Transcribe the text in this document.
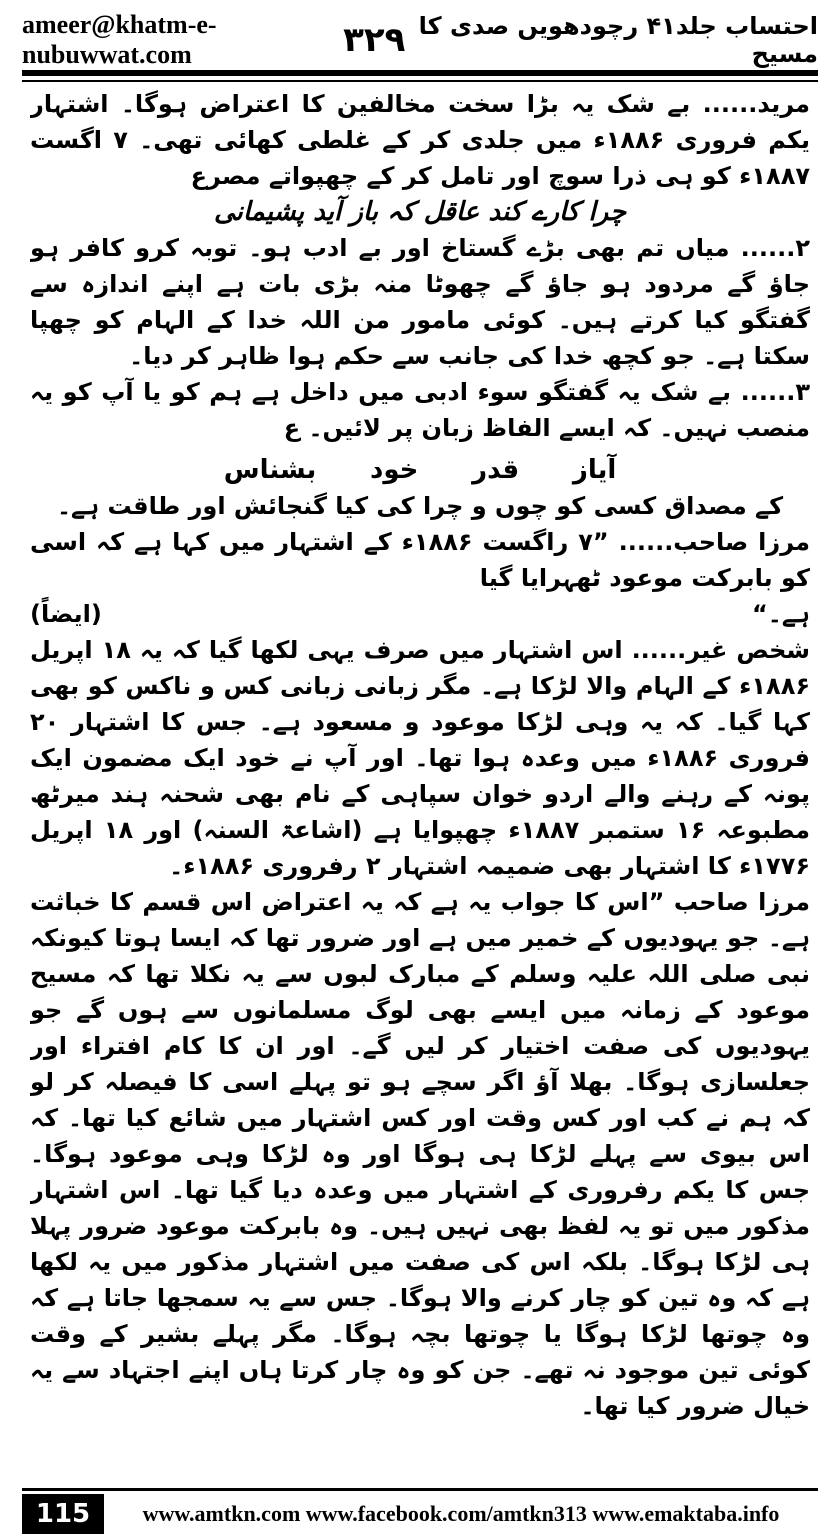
ameer@khatm-e-nubuwwat.com	۳۲۹ احتساب جلد۴۱ رچودھویں صدی کا مسیح

مرید...... بے شک یہ بڑا سخت مخالفین کا اعتراض ہوگا۔ اشتہار یکم فروری ۱۸۸۶ء میں جلدی کر کے غلطی کھائی تھی۔ ۷ اگست ۱۸۸۷ء کو ہی ذرا سوچ اور تامل کر کے چھپواتے مصرع

چرا کارے کند عاقل کہ باز آید پشیمانی

۲...... میاں تم بھی بڑے گستاخ اور بے ادب ہو۔ توبہ کرو کافر ہو جاؤ گے مردود ہو جاؤ گے چھوٹا منہ بڑی بات ہے اپنے اندازہ سے گفتگو کیا کرتے ہیں۔ کوئی مامور من اللہ خدا کے الہام کو چھپا سکتا ہے۔ جو کچھ خدا کی جانب سے حکم ہوا ظاہر کر دیا۔

۳...... بے شک یہ گفتگو سوء ادبی میں داخل ہے ہم کو یا آپ کو یہ منصب نہیں۔ کہ ایسے الفاظ زبان پر لائیں۔ ع

آیاز
قدر
خود
بشناس

کے مصداق کسی کو چوں و چرا کی کیا گنجائش اور طاقت ہے۔

مرزا صاحب...... ”۷ راگست ۱۸۸۶ء کے اشتہار میں کہا ہے کہ اسی کو بابرکت موعود ٹھہرایا گیا

ہے۔“
(ایضاً)

شخص غیر...... اس اشتہار میں صرف یہی لکھا گیا کہ یہ ۱۸ اپریل ۱۸۸۶ء کے الہام والا لڑکا ہے۔ مگر زبانی زبانی کس و ناکس کو بھی کہا گیا۔ کہ یہ وہی لڑکا موعود و مسعود ہے۔ جس کا اشتہار ۲۰ فروری ۱۸۸۶ء میں وعدہ ہوا تھا۔ اور آپ نے خود ایک مضمون ایک پونہ کے رہنے والے اردو خوان سپاہی کے نام بھی شحنہ ہند میرٹھ مطبوعہ ۱۶ ستمبر ۱۸۸۷ء چھپوایا ہے (اشاعۃ السنہ) اور ۱۸ اپریل ۱۷۷۶ء کا اشتہار بھی ضمیمہ اشتہار ۲ رفروری ۱۸۸۶ء۔

مرزا صاحب ”اس کا جواب یہ ہے کہ یہ اعتراض اس قسم کا خباثت ہے۔ جو یہودیوں کے خمیر میں ہے اور ضرور تھا کہ ایسا ہوتا کیونکہ نبی صلی اللہ علیہ وسلم کے مبارک لبوں سے یہ نکلا تھا کہ مسیح موعود کے زمانہ میں ایسے بھی لوگ مسلمانوں سے ہوں گے جو یہودیوں کی صفت اختیار کر لیں گے۔ اور ان کا کام افتراء اور جعلسازی ہوگا۔ بھلا آؤ اگر سچے ہو تو پہلے اسی کا فیصلہ کر لو کہ ہم نے کب اور کس وقت اور کس اشتہار میں شائع کیا تھا۔ کہ اس بیوی سے پہلے لڑکا ہی ہوگا اور وہ لڑکا وہی موعود ہوگا۔ جس کا یکم رفروری کے اشتہار میں وعدہ دیا گیا تھا۔ اس اشتہار مذکور میں تو یہ لفظ بھی نہیں ہیں۔ وہ بابرکت موعود ضرور پہلا ہی لڑکا ہوگا۔ بلکہ اس کی صفت میں اشتہار مذکور میں یہ لکھا ہے کہ وہ تین کو چار کرنے والا ہوگا۔ جس سے یہ سمجھا جاتا ہے کہ وہ چوتھا لڑکا ہوگا یا چوتھا بچہ ہوگا۔ مگر پہلے بشیر کے وقت کوئی تین موجود نہ تھے۔ جن کو وہ چار کرتا ہاں اپنے اجتہاد سے یہ خیال ضرور کیا تھا۔

115	www.amtkn.com www.facebook.com/amtkn313 www.emaktaba.info
